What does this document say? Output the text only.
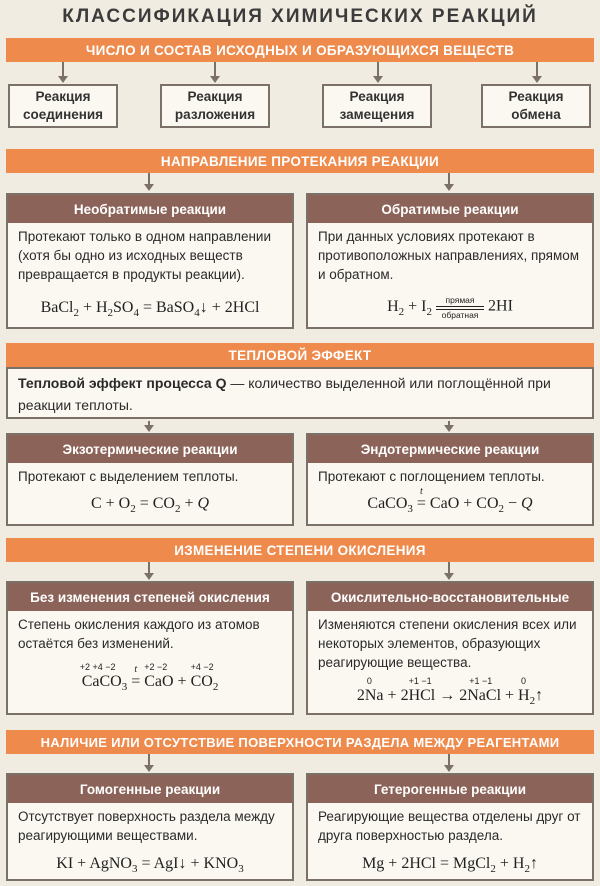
КЛАССИФИКАЦИЯ ХИМИЧЕСКИХ РЕАКЦИЙ
ЧИСЛО И СОСТАВ ИСХОДНЫХ И ОБРАЗУЮЩИХСЯ ВЕЩЕСТВ
Реакция
соединения
Реакция
разложения
Реакция
замещения
Реакция
обмена
НАПРАВЛЕНИЕ ПРОТЕКАНИЯ РЕАКЦИИ
Необратимые реакции
Протекают только в одном направлении (хотя бы одно из исходных веществ превращается в продукты реакции).
BaCl$_2$ + $H_2SO_4$ = BaSO$_4$↓ + 2HCl
Обратимые реакции
При данных условиях протекают в противоположных направлениях, прямом и обратном.
$H_2 + I_2$
прямая
обратная
2HI
ТЕПЛОВОЙ ЭФФЕКТ
Тепловой эффект процесса Q — количество выделенной или поглощённой при реакции теплоты.
Экзотермические реакции
Протекают с выделением теплоты.
$C + O_2 = CO_2 + Q$
Эндотермические реакции
Протекают с поглощением теплоты.
CaCO$_3$
t
= CaO + $CO_2 - Q$
ИЗМЕНЕНИЕ СТЕПЕНИ ОКИСЛЕНИЯ
Без изменения степеней окисления
Степень окисления каждого из атомов остаётся без изменений.
CaCO$_3$
+2 +4 −2
	t
= CaO
+2 −2
+ $CO_2$
+4 −2
Окислительно-восстановительные
Изменяются степени окисления всех или некоторых элементов, образующих реагирующие вещества.
2Na
0
+ 2HCl
+1 −1
→ 2NaCl
+1 −1
+ $H_2↑$
0
НАЛИЧИЕ ИЛИ ОТСУТСТВИЕ ПОВЕРХНОСТИ РАЗДЕЛА МЕЖДУ РЕАГЕНТАМИ
Гомогенные реакции
Отсутствует поверхность раздела между реагирующими веществами.
KI + AgNO$_3$ = AgI↓ + $KNO_3$
Гетерогенные реакции
Реагирующие вещества отделены друг от друга поверхностью раздела.
Mg + 2HCl = MgCl$_2$ + $H_2↑$
